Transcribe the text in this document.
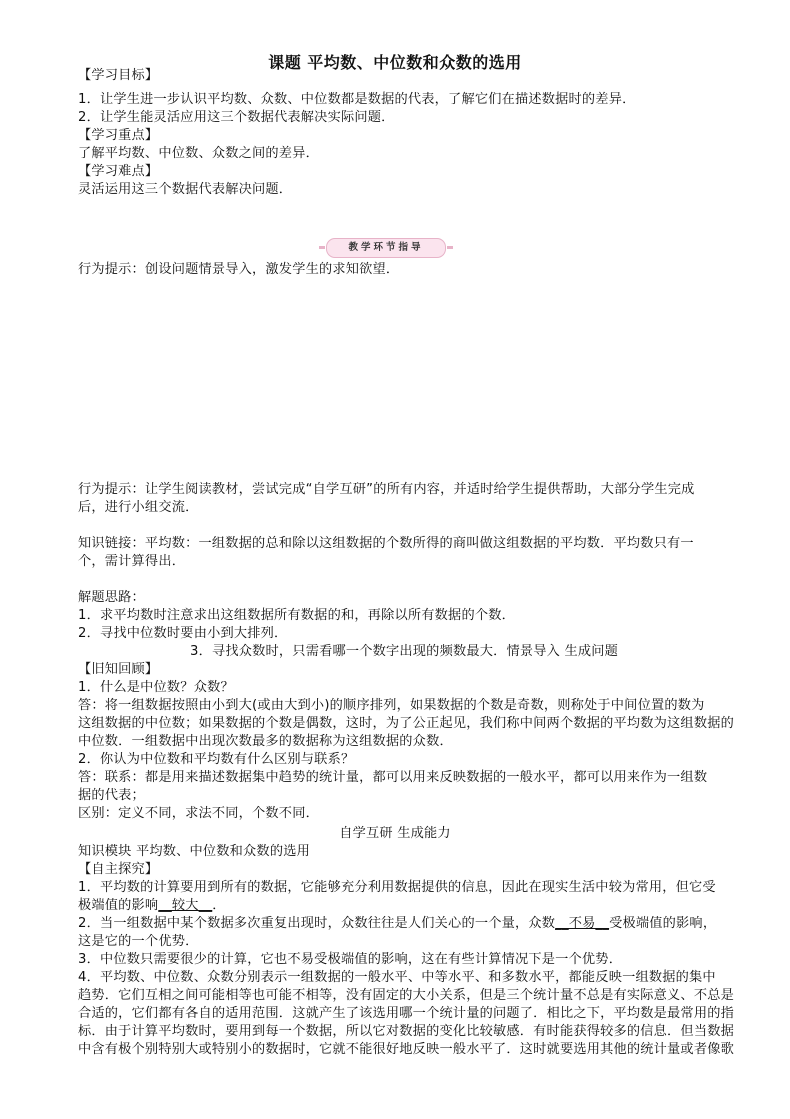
课题 平均数、中位数和众数的选用
【学习目标】
1．让学生进一步认识平均数、众数、中位数都是数据的代表，了解它们在描述数据时的差异．
2．让学生能灵活应用这三个数据代表解决实际问题．
【学习重点】
了解平均数、中位数、众数之间的差异．
【学习难点】
灵活运用这三个数据代表解决问题．
教学环节指导
行为提示：创设问题情景导入，激发学生的求知欲望．
行为提示：让学生阅读教材，尝试完成“自学互研”的所有内容，并适时给学生提供帮助，大部分学生完成
后，进行小组交流．
知识链接：平均数：一组数据的总和除以这组数据的个数所得的商叫做这组数据的平均数．平均数只有一
个，需计算得出．
解题思路：
1．求平均数时注意求出这组数据所有数据的和，再除以所有数据的个数．
2．寻找中位数时要由小到大排列．
3．寻找众数时，只需看哪一个数字出现的频数最大．情景导入 生成问题
【旧知回顾】
1．什么是中位数？众数？
答：将一组数据按照由小到大(或由大到小)的顺序排列，如果数据的个数是奇数，则称处于中间位置的数为
这组数据的中位数；如果数据的个数是偶数，这时，为了公正起见，我们称中间两个数据的平均数为这组数据的
中位数．一组数据中出现次数最多的数据称为这组数据的众数．
2．你认为中位数和平均数有什么区别与联系？
答：联系：都是用来描述数据集中趋势的统计量，都可以用来反映数据的一般水平，都可以用来作为一组数
据的代表；
区别：定义不同，求法不同，个数不同．
自学互研 生成能力
知识模块 平均数、中位数和众数的选用
【自主探究】
1．平均数的计算要用到所有的数据，它能够充分利用数据提供的信息，因此在现实生活中较为常用，但它受
极端值的影响__较大__．
2．当一组数据中某个数据多次重复出现时，众数往往是人们关心的一个量，众数__不易__受极端值的影响，
这是它的一个优势．
3．中位数只需要很少的计算，它也不易受极端值的影响，这在有些计算情况下是一个优势．
4．平均数、中位数、众数分别表示一组数据的一般水平、中等水平、和多数水平，都能反映一组数据的集中
趋势．它们互相之间可能相等也可能不相等，没有固定的大小关系，但是三个统计量不总是有实际意义、不总是
合适的，它们都有各自的适用范围．这就产生了该选用哪一个统计量的问题了．相比之下，平均数是最常用的指
标．由于计算平均数时，要用到每一个数据，所以它对数据的变化比较敏感．有时能获得较多的信息．但当数据
中含有极个别特别大或特别小的数据时，它就不能很好地反映一般水平了．这时就要选用其他的统计量或者像歌
